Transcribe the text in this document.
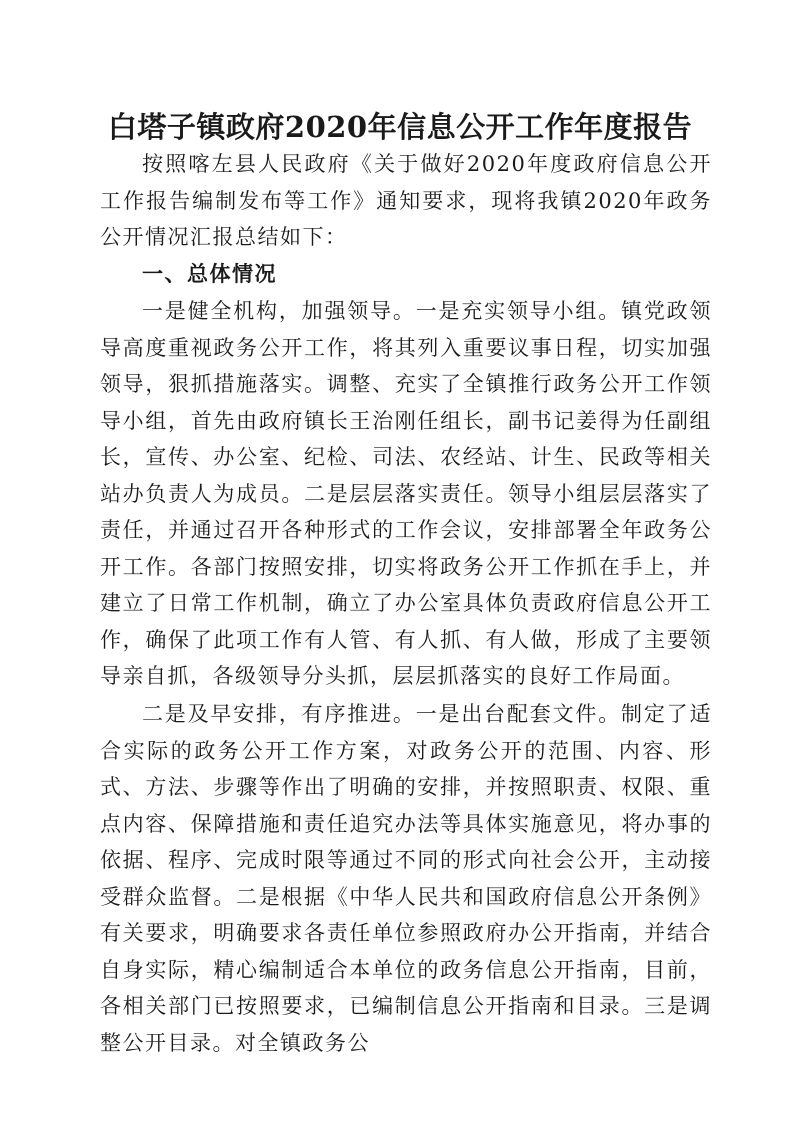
白塔子镇政府2020年信息公开工作年度报告

按照喀左县人民政府《关于做好2020年度政府信息公开工作报告编制发布等工作》通知要求，现将我镇2020年政务公开情况汇报总结如下：

一、总体情况

一是健全机构，加强领导。一是充实领导小组。镇党政领导高度重视政务公开工作，将其列入重要议事日程，切实加强领导，狠抓措施落实。调整、充实了全镇推行政务公开工作领导小组，首先由政府镇长王治刚任组长，副书记姜得为任副组长，宣传、办公室、纪检、司法、农经站、计生、民政等相关站办负责人为成员。二是层层落实责任。领导小组层层落实了责任，并通过召开各种形式的工作会议，安排部署全年政务公开工作。各部门按照安排，切实将政务公开工作抓在手上，并建立了日常工作机制，确立了办公室具体负责政府信息公开工作，确保了此项工作有人管、有人抓、有人做，形成了主要领导亲自抓，各级领导分头抓，层层抓落实的良好工作局面。

二是及早安排，有序推进。一是出台配套文件。制定了适合实际的政务公开工作方案，对政务公开的范围、内容、形式、方法、步骤等作出了明确的安排，并按照职责、权限、重点内容、保障措施和责任追究办法等具体实施意见，将办事的依据、程序、完成时限等通过不同的形式向社会公开，主动接受群众监督。二是根据《中华人民共和国政府信息公开条例》有关要求，明确要求各责任单位参照政府办公开指南，并结合自身实际，精心编制适合本单位的政务信息公开指南，目前，各相关部门已按照要求，已编制信息公开指南和目录。三是调整公开目录。对全镇政务公
